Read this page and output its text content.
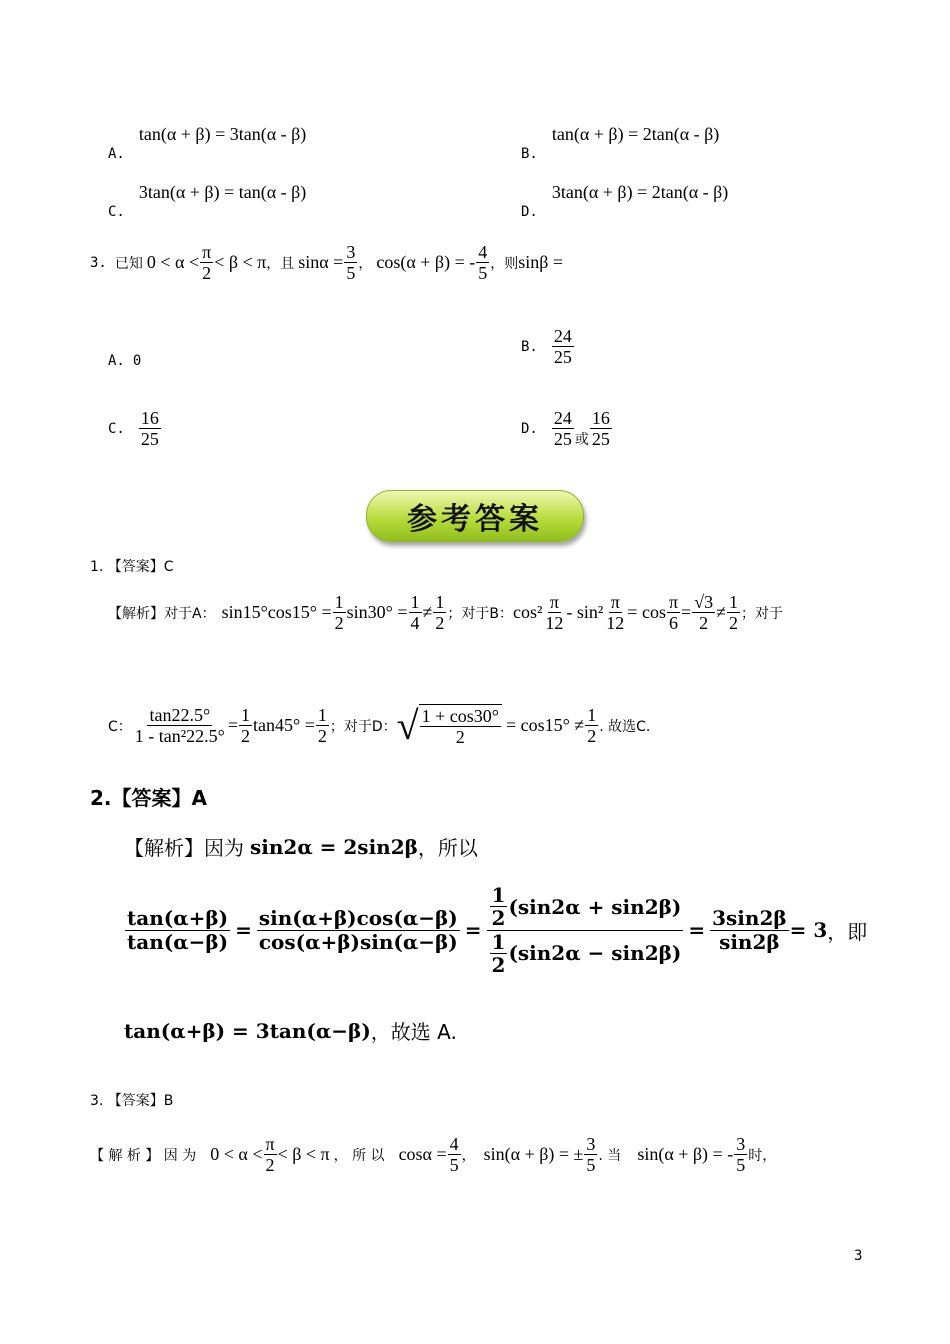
A. tan(α + β) = 3tan(α - β)
B. tan(α + β) = 2tan(α - β)
C. 3tan(α + β) = tan(α - β)
D. 3tan(α + β) = 2tan(α - β)
3. 已知 $0 < \alpha < \frac{\pi}{2} < \beta < \pi$ ，且 $\sin\alpha = \frac{3}{5}$ ， cos(α + β) = - $\frac{4}{5}$ ，则 sinβ =
A. 0
B. $\frac{24}{25}$
C. $\frac{16}{25}$	D. $\frac{24}{25}$ 或 $\frac{16}{25}$
参考答案
1. 【答案】C
【解析】对于A： $\sin 15^\circ\cos 15^\circ = \frac{1}{2} \sin 30^\circ = \frac{1}{4} \ne \frac{1}{2}$ ；对于B： $\cos^2 \frac{\pi}{12} - \sin^2 \frac{\pi}{12} = \cos \frac{\pi}{6} = \frac{√3}{2} \ne \frac{1}{2}$ ；对于
C： $\frac{\tan 22.5^\circ}{\text{1 - tan²22.5°}} = \frac{1}{2} \tan 45^\circ = \frac{1}{2}$ ；对于D： √ $\frac{1 + \cos 30^\circ}{2} = \cos 15^\circ \ne \frac{1}{2}$ . 故选C.
2.【答案】A
【解析】因为 sin2α = 2sin2β ，所以
$\frac{\tan(\alpha+\beta)}{\tan(\alpha-\beta)} = \frac{\sin(\alpha+\beta)\cos(\alpha-\beta)}{\cos(\alpha+\beta)\sin(\alpha-\beta)} = \frac{\frac{1}{2} (\sin 2\alpha + \sin 2\beta)}{\frac{1}{2} (\sin 2\alpha - \sin 2\beta)} = \frac{3\sin 2\beta}{\sin 2\beta} = 3$ ，即
tan(α+β) = 3tan(α−β) ，故选 A.
3. 【答案】B
【 解 析 】 因 为 $0 < \alpha < \frac{\pi}{2} < \beta < \pi$ ， 所 以 $\cos\alpha = \frac{4}{5}$ ， sin(α + β) = ± $\frac{3}{5}$ . 当 sin(α + β) = - $\frac{3}{5}$ 时，
3
